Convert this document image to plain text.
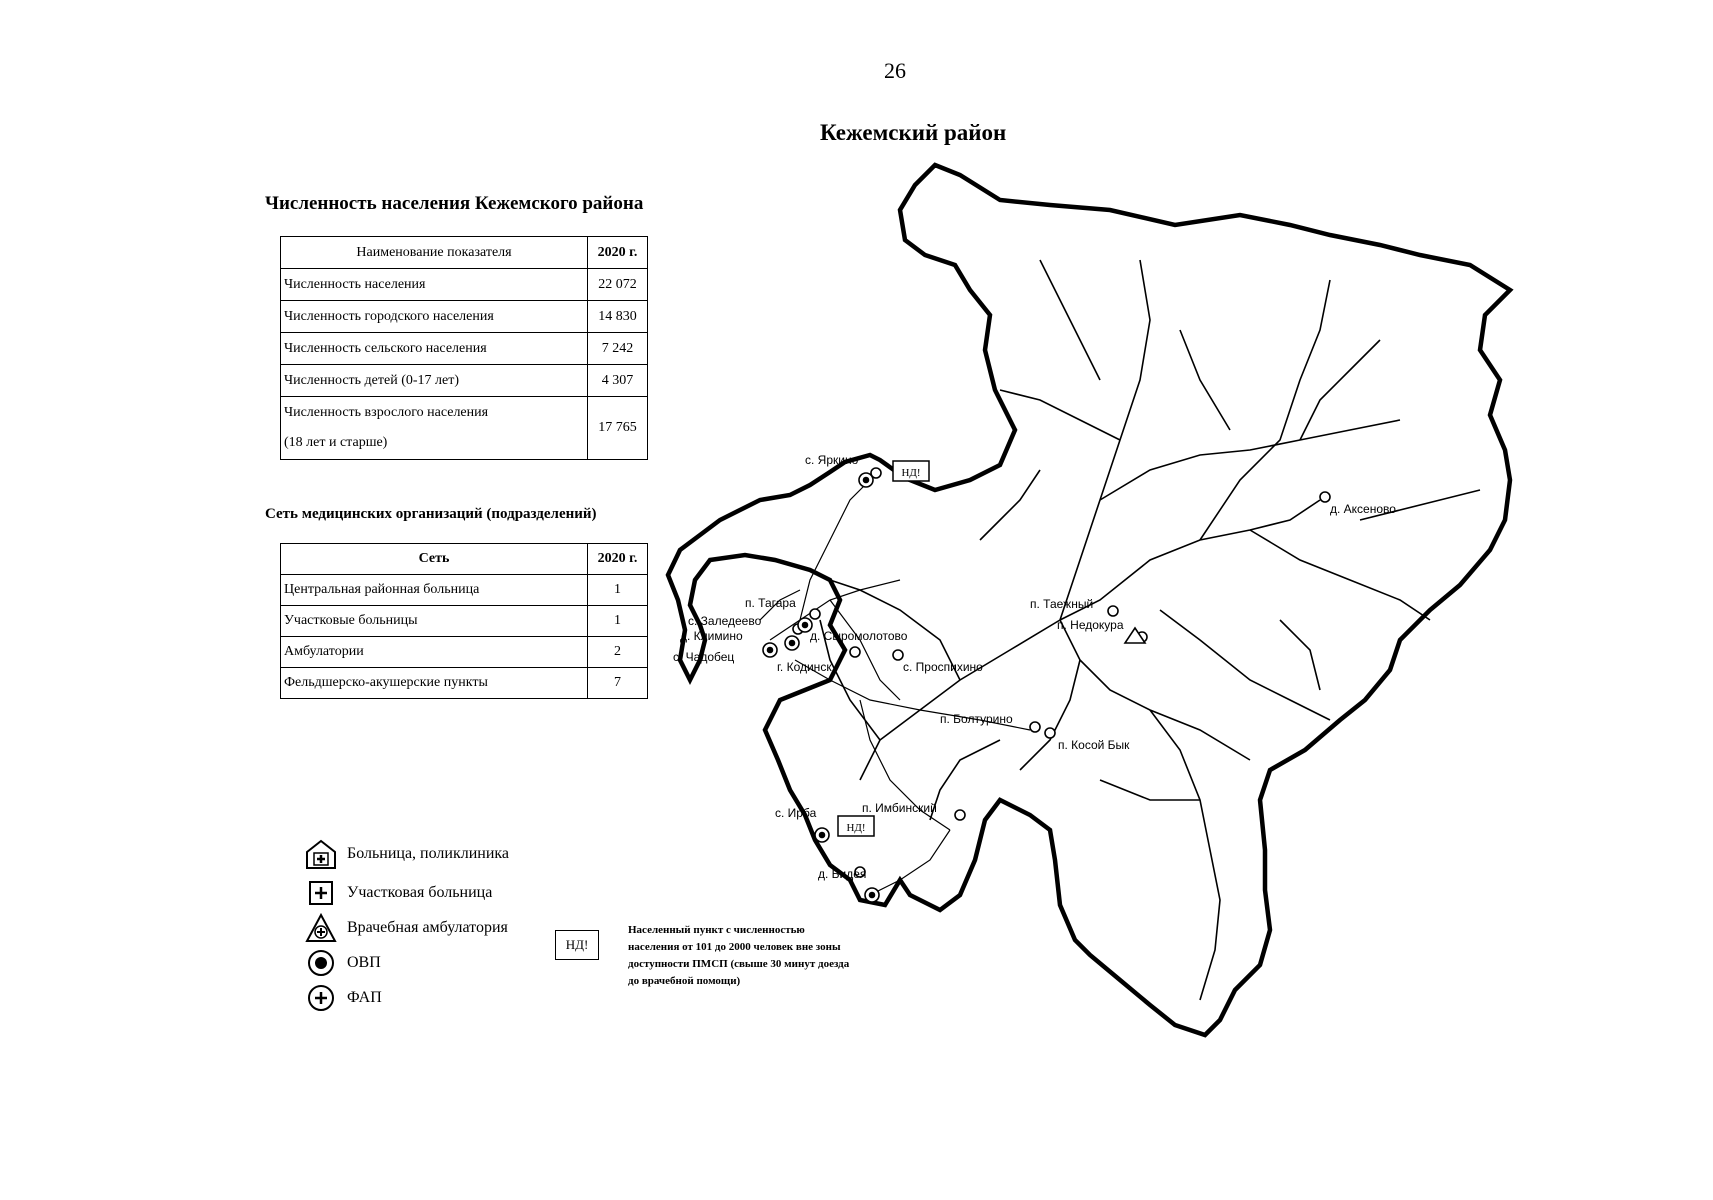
26
Кежемский район
Численность населения Кежемского района
Наименование показателя	2020 г.
Численность населения	22 072
Численность городского населения	14 830
Численность сельского населения	7 242
Численность детей (0-17 лет)	4 307

Численность взрослого населения
(18 лет и старше)	17 765
Сеть медицинских организаций (подразделений)
Сеть	2020 г.
Центральная районная больница	1
Участковые больницы	1
Амбулатории	2
Фельдшерско-акушерские пункты	7
НД!
НД!
с. Яркино
д. Аксеново
п. Таежный
п. Недокура
п. Тагара
с. Заледеево
д. Климино	д. Сыромолотово
с. Чадобец
г. Кодинск	с. Проспихино
п. Болтурино
п. Косой Бык
с. Ирба	п. Имбинский
д. Бидея
Больница, поликлиника
Участковая больница
Врачебная амбулатория
ОВП
ФАП
НД!
Населенный пункт с численностью населения от 101 до 2000 человек вне зоны доступности ПМСП (свыше 30 минут доезда до врачебной помощи)
